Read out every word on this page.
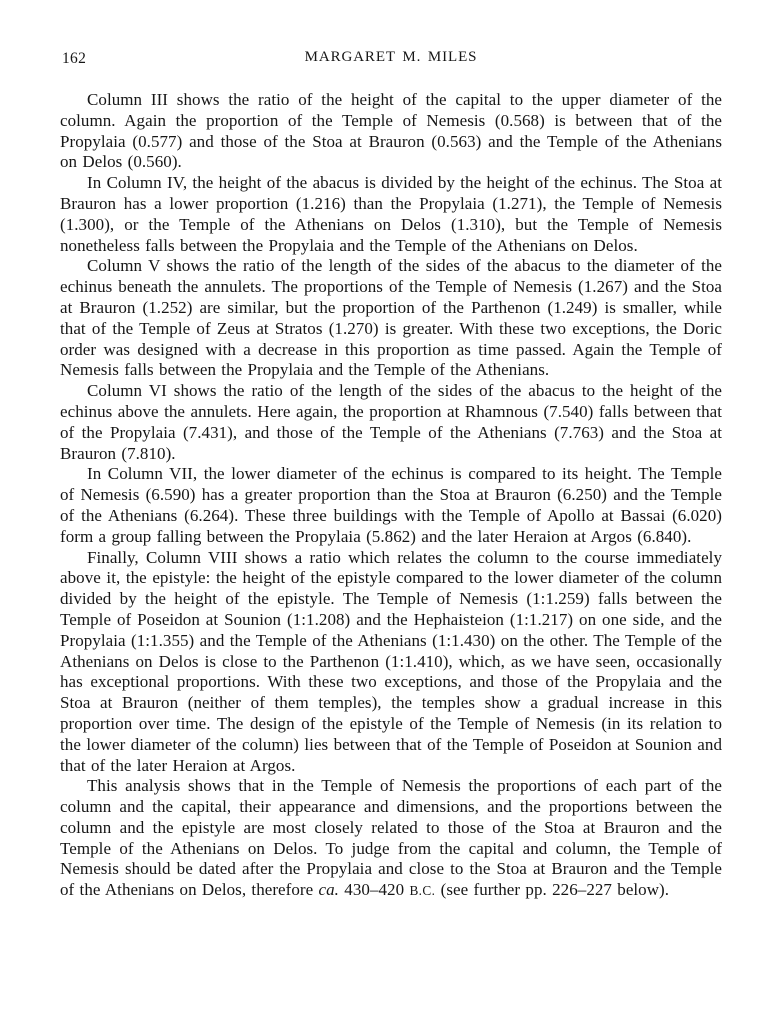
162	MARGARET M. MILES

Column III shows the ratio of the height of the capital to the upper diameter of the column. Again the proportion of the Temple of Nemesis (0.568) is between that of the Propylaia (0.577) and those of the Stoa at Brauron (0.563) and the Temple of the Athenians on Delos (0.560).

In Column IV, the height of the abacus is divided by the height of the echinus. The Stoa at Brauron has a lower proportion (1.216) than the Propylaia (1.271), the Temple of Nemesis (1.300), or the Temple of the Athenians on Delos (1.310), but the Temple of Nemesis nonetheless falls between the Propylaia and the Temple of the Athenians on Delos.

Column V shows the ratio of the length of the sides of the abacus to the diameter of the echinus beneath the annulets. The proportions of the Temple of Nemesis (1.267) and the Stoa at Brauron (1.252) are similar, but the proportion of the Parthenon (1.249) is smaller, while that of the Temple of Zeus at Stratos (1.270) is greater. With these two exceptions, the Doric order was designed with a decrease in this proportion as time passed. Again the Temple of Nemesis falls between the Propylaia and the Temple of the Athenians.

Column VI shows the ratio of the length of the sides of the abacus to the height of the echinus above the annulets. Here again, the proportion at Rhamnous (7.540) falls between that of the Propylaia (7.431), and those of the Temple of the Athenians (7.763) and the Stoa at Brauron (7.810).

In Column VII, the lower diameter of the echinus is compared to its height. The Temple of Nemesis (6.590) has a greater proportion than the Stoa at Brauron (6.250) and the Temple of the Athenians (6.264). These three buildings with the Temple of Apollo at Bassai (6.020) form a group falling between the Propylaia (5.862) and the later Heraion at Argos (6.840).

Finally, Column VIII shows a ratio which relates the column to the course immediately above it, the epistyle: the height of the epistyle compared to the lower diameter of the column divided by the height of the epistyle. The Temple of Nemesis (1:1.259) falls between the Temple of Poseidon at Sounion (1:1.208) and the Hephaisteion (1:1.217) on one side, and the Propylaia (1:1.355) and the Temple of the Athenians (1:1.430) on the other. The Temple of the Athenians on Delos is close to the Parthenon (1:1.410), which, as we have seen, occasionally has exceptional proportions. With these two exceptions, and those of the Propylaia and the Stoa at Brauron (neither of them temples), the temples show a gradual increase in this proportion over time. The design of the epistyle of the Temple of Nemesis (in its relation to the lower diameter of the column) lies between that of the Temple of Poseidon at Sounion and that of the later Heraion at Argos.

This analysis shows that in the Temple of Nemesis the proportions of each part of the column and the capital, their appearance and dimensions, and the proportions between the column and the epistyle are most closely related to those of the Stoa at Brauron and the Temple of the Athenians on Delos. To judge from the capital and column, the Temple of Nemesis should be dated after the Propylaia and close to the Stoa at Brauron and the Temple of the Athenians on Delos, therefore ca. 430–420 B.C. (see further pp. 226–227 below).
